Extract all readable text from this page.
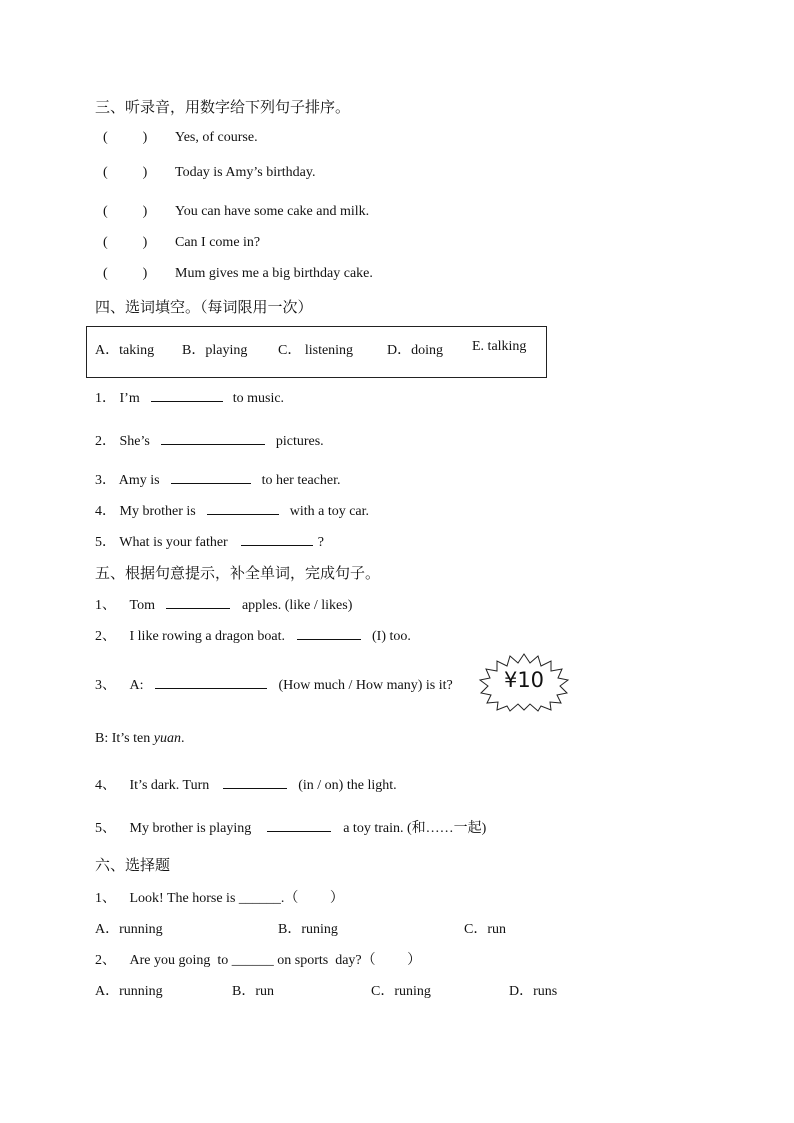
三、听录音，用数字给下列句子排序。
(          ) Yes, of course.
(          ) Today is Amy’s birthday.
(          ) You can have some cake and milk.
(          ) Can I come in?
(          ) Mum gives me a big birthday cake.
四、选词填空。（每词限用一次）
A．taking B．playing C． listening D．doing E. talking
1． I’m	to music.
2． She’s	pictures.
3． Amy is	to her teacher.
4． My brother is	with a toy car.
5． What is your father	?
五、根据句意提示，补全单词，完成句子。
1、 Tom	apples. (like / likes)
2、 I like rowing a dragon boat.	(I) too.
3、 A:	(How much / How many) is it?	¥10
B: It’s ten yuan.
4、 It’s dark. Turn	(in / on) the light.
5、 My brother is playing	a toy train. (和……一起)
六、选择题
1、 Look! The horse is ______.（         ）
A．running	B．runing	C．run
2、 Are you going  to ______ on sports  day?（         ）
A．running	B．run	C．runing	D．runs
